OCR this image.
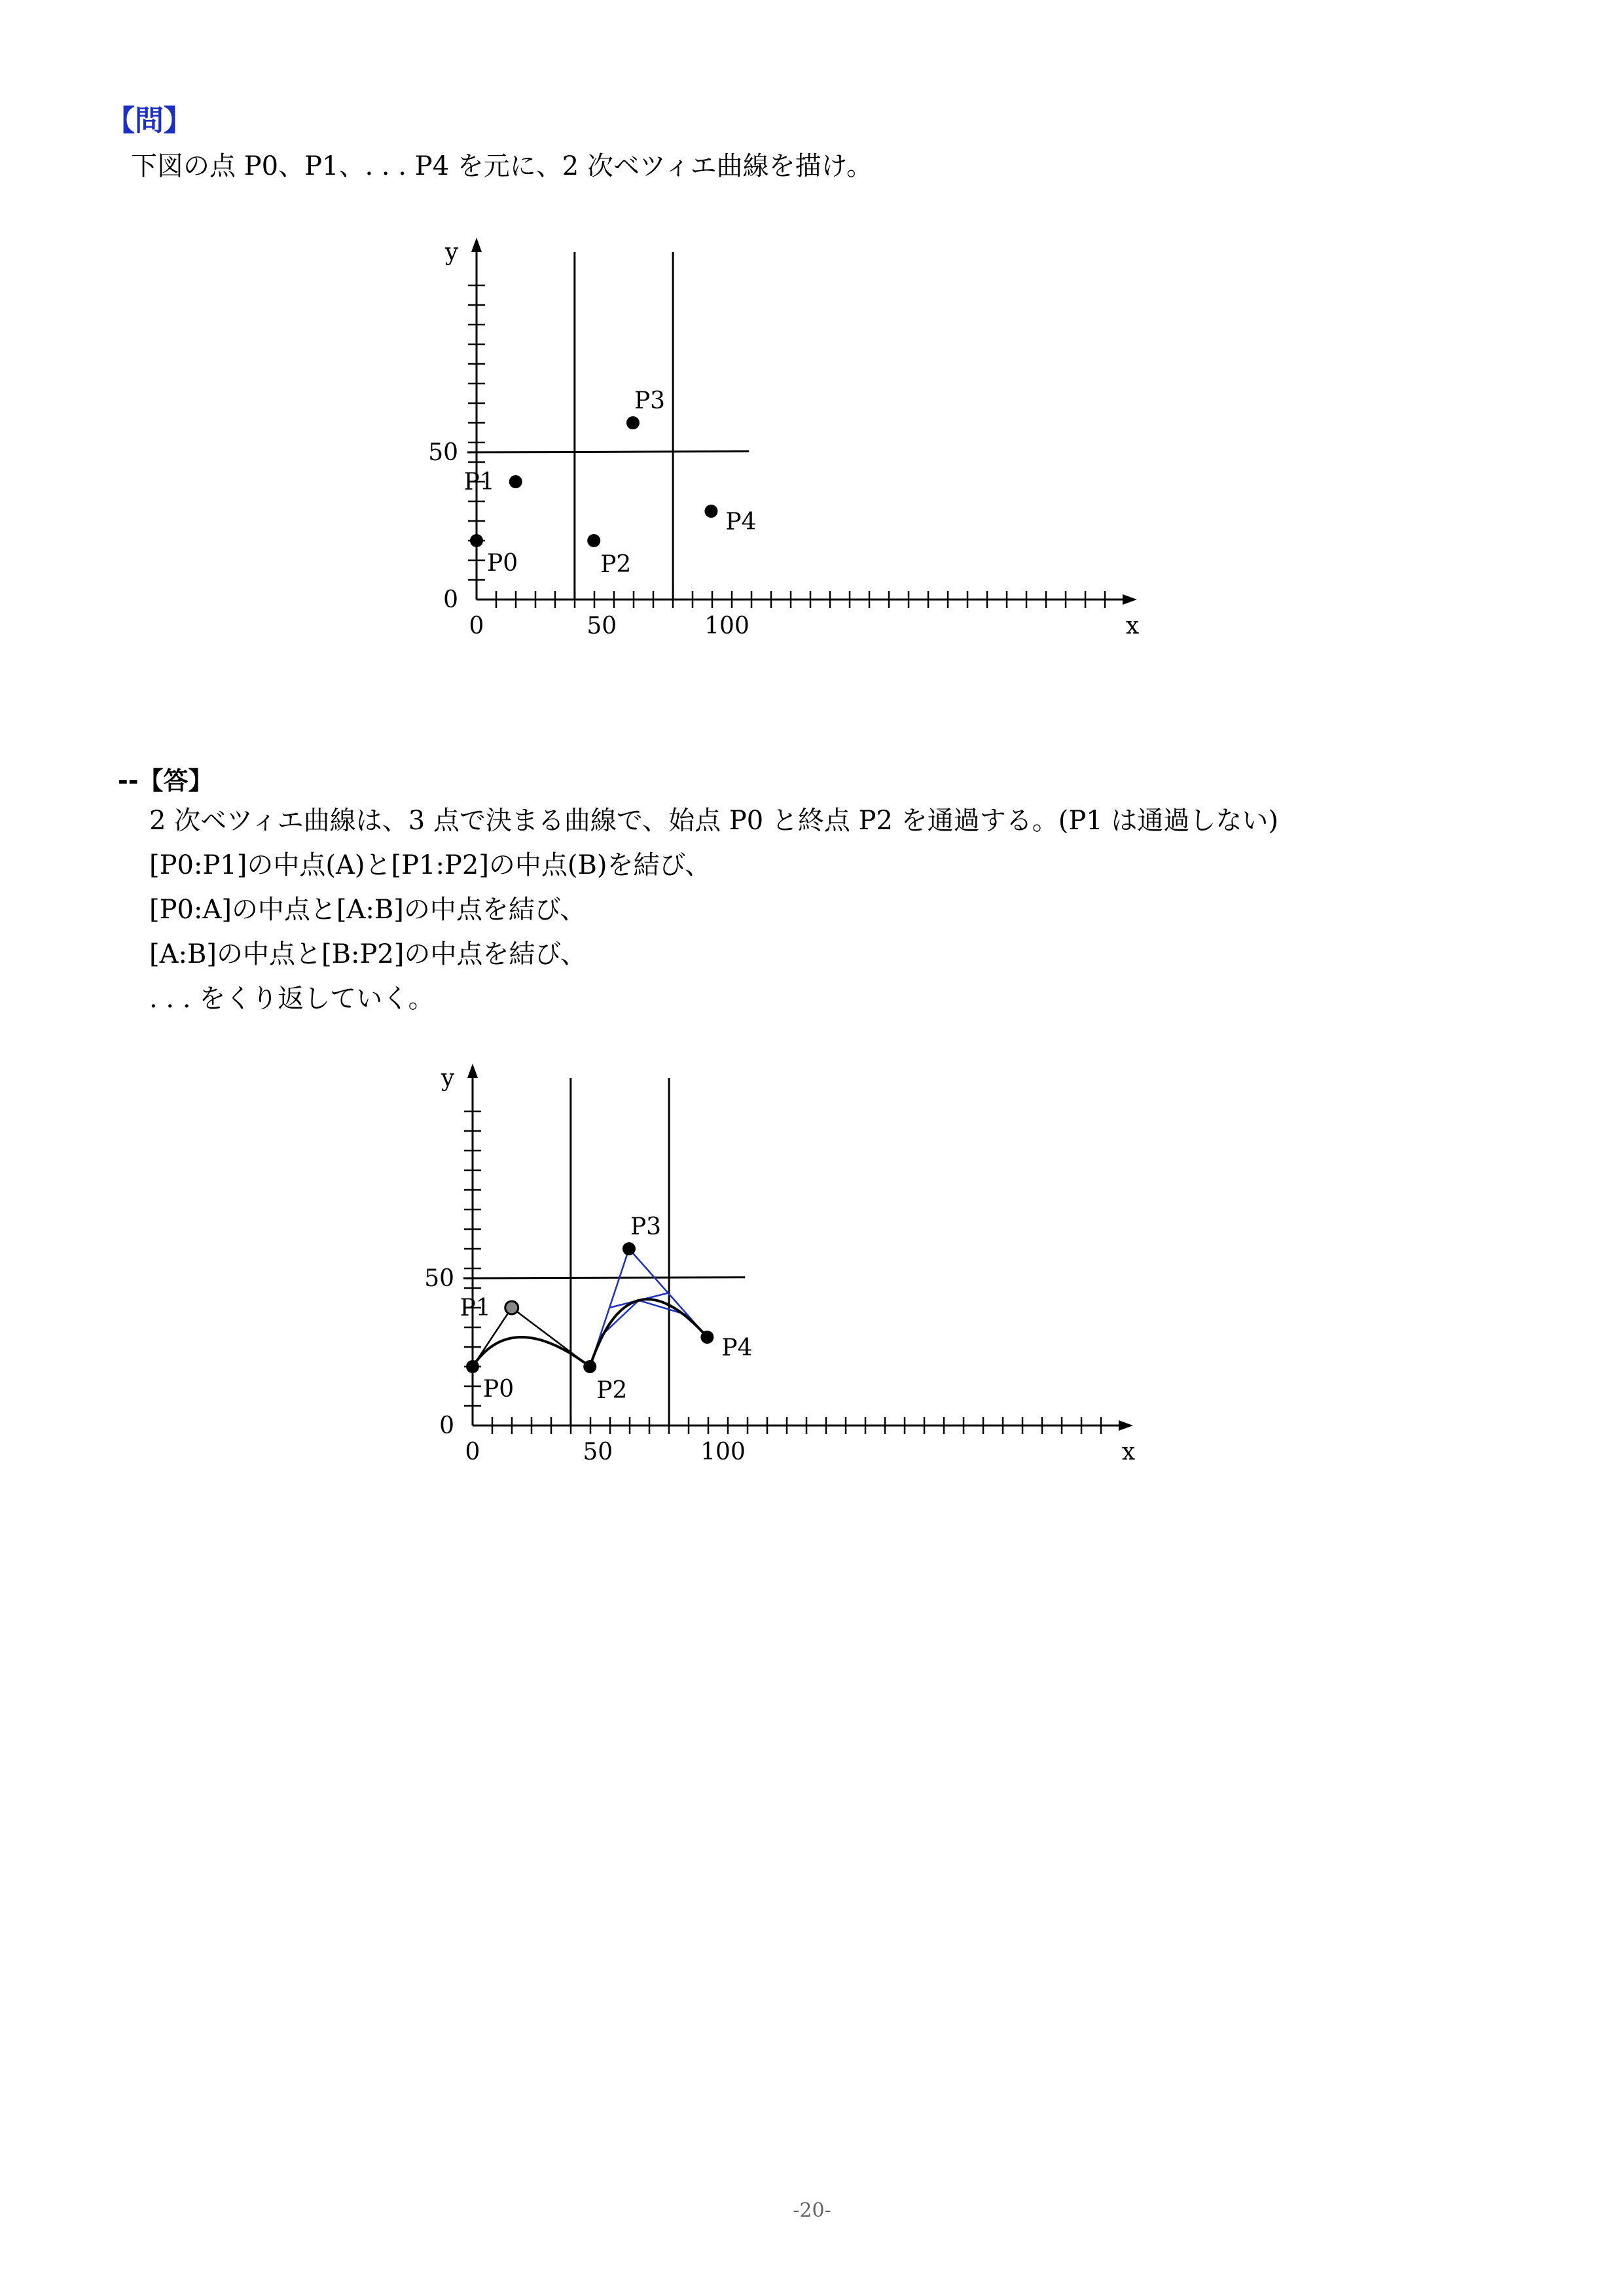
【問】
下図の点 P0、P1、. . . P4 を元に、2 次ベツィエ曲線を描け。
0	50	100
0
50
x
y
P0
P1
P2
P3
P4
--【答】
2 次ベツィエ曲線は、3 点で決まる曲線で、始点 P0 と終点 P2 を通過する。(P1 は通過しない)
[P0:P1]の中点(A)と[P1:P2]の中点(B)を結び、
[P0:A]の中点と[A:B]の中点を結び、
[A:B]の中点と[B:P2]の中点を結び、
. . . をくり返していく。
0	50	100
0
50
x
y
P0
P1
P2
P3
P4
-20-
